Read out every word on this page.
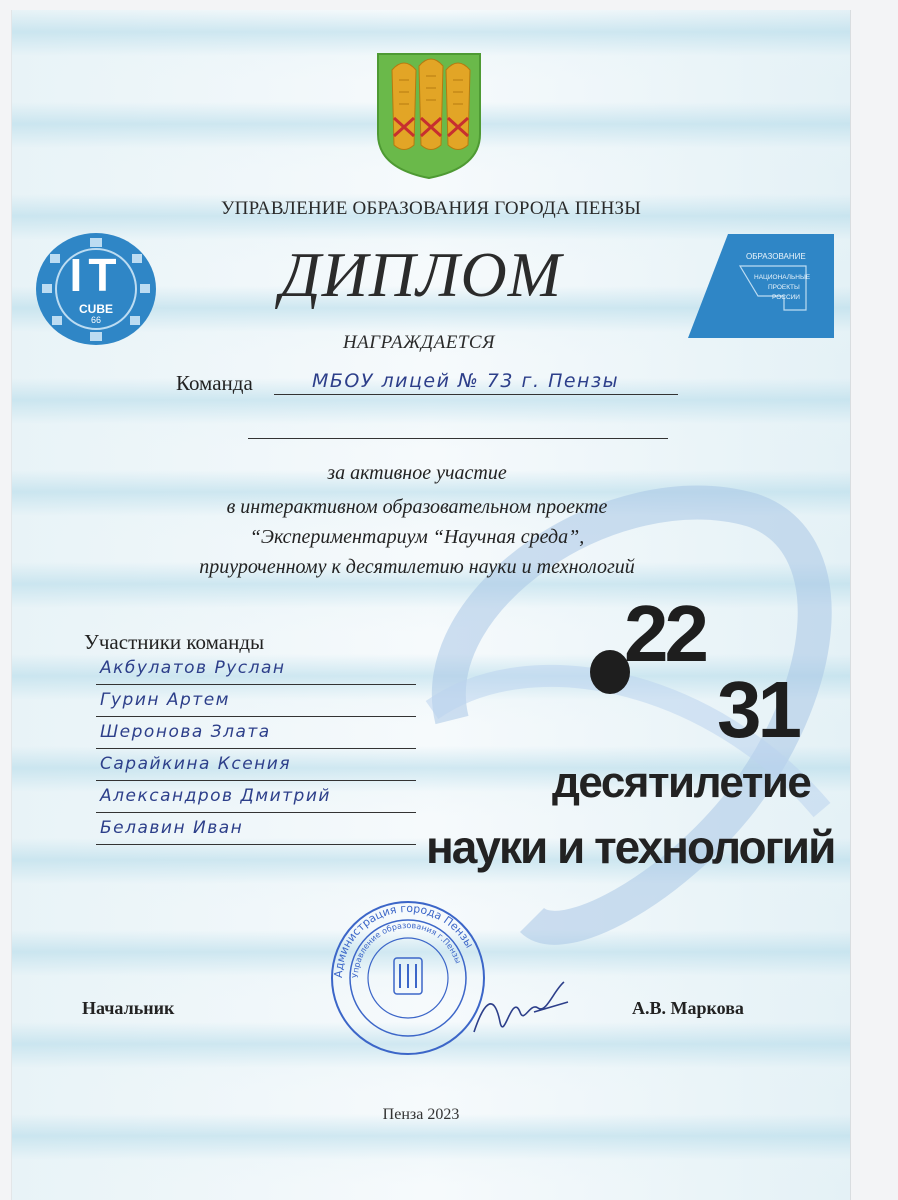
УПРАВЛЕНИЕ ОБРАЗОВАНИЯ ГОРОДА ПЕНЗЫ
IT
CUBE
66
ДИПЛОМ	ОБРАЗОВАНИЕ
НАЦИОНАЛЬНЫЕ
ПРОЕКТЫ
РОССИИ
НАГРАЖДАЕТСЯ
Команда	МБОУ лицей № 73 г. Пензы
за активное участие
в интерактивном образовательном проекте
“Экспериментариум “Научная среда”,
приуроченному к десятилетию науки и технологий
22
31
десятилетие
науки и технологий
Участники команды
Акбулатов Руслан
Гурин Артем
Шеронова Злата
Сарайкина Ксения
Александров Дмитрий
Белавин Иван
Администрация города Пензы
Управление образования г.Пензы
Начальник	А.В. Маркова
Пенза 2023
